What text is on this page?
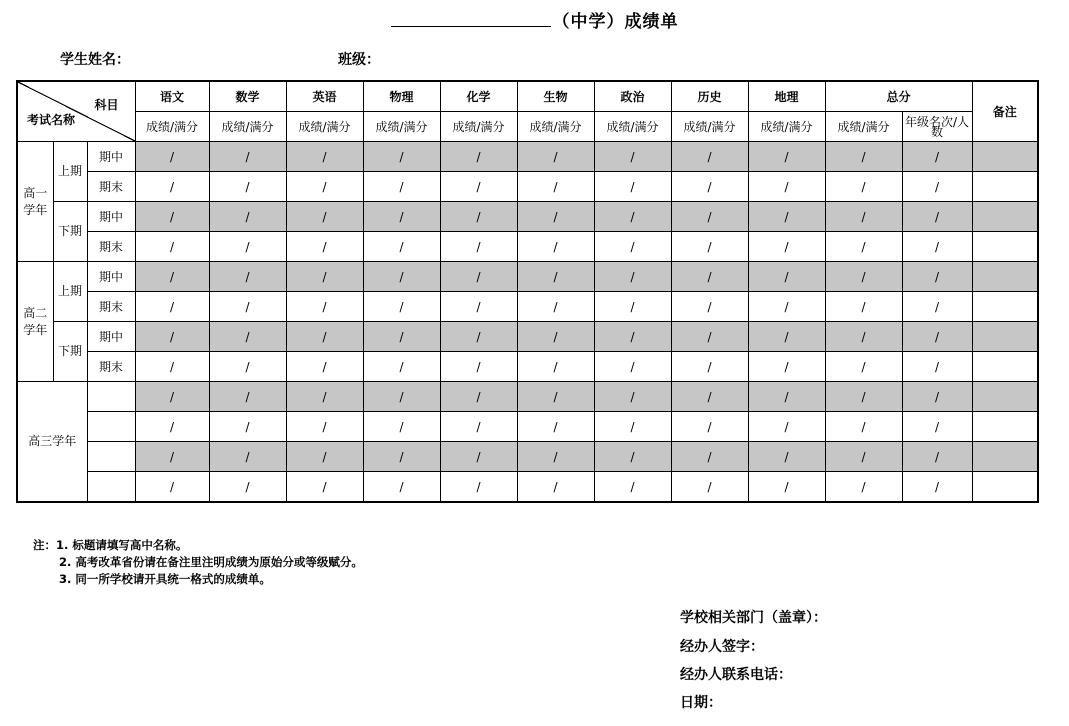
（中学）成绩单
学生姓名：	班级：
科目
考试名称			语文	数学	英语	物理	化学	生物	政治	历史	地理	总分		备注
			成绩/满分	成绩/满分	成绩/满分	成绩/满分	成绩/满分	成绩/满分	成绩/满分	成绩/满分	成绩/满分	成绩/满分	年级名次/人数	
高一学年	上期	期中	/	/	/	/	/	/	/	/	/	/	/	
		期末	/	/	/	/	/	/	/	/	/	/	/	
	下期	期中	/	/	/	/	/	/	/	/	/	/	/	
		期末	/	/	/	/	/	/	/	/	/	/	/	
高二学年	上期	期中	/	/	/	/	/	/	/	/	/	/	/	
		期末	/	/	/	/	/	/	/	/	/	/	/	
	下期	期中	/	/	/	/	/	/	/	/	/	/	/	
		期末	/	/	/	/	/	/	/	/	/	/	/	
高三学年			/	/	/	/	/	/	/	/	/	/	/	
			/	/	/	/	/	/	/	/	/	/	/	
			/	/	/	/	/	/	/	/	/	/	/	
			/	/	/	/	/	/	/	/	/	/	/	
注：1. 标题请填写高中名称。
2. 高考改革省份请在备注里注明成绩为原始分或等级赋分。
3. 同一所学校请开具统一格式的成绩单。
学校相关部门（盖章）：
经办人签字：
经办人联系电话：
日期：
